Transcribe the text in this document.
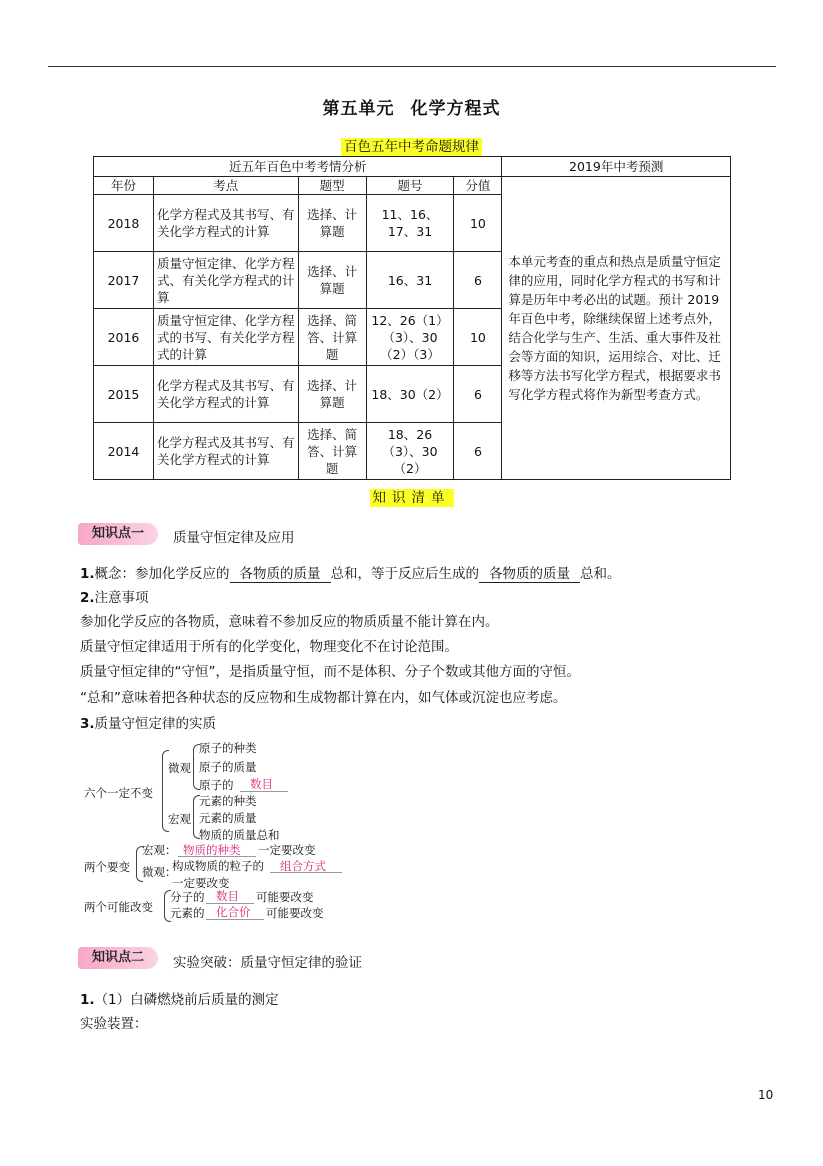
第五单元 化学方程式
百色五年中考命题规律
近五年百色中考考情分析					2019年中考预测
年份	考点	题型	题号	分值	本单元考查的重点和热点是质量守恒定律的应用，同时化学方程式的书写和计算是历年中考必出的试题。预计 2019 年百色中考，除继续保留上述考点外，结合化学与生产、生活、重大事件及社会等方面的知识，运用综合、对比、迁移等方法书写化学方程式，根据要求书写化学方程式将作为新型考查方式。
2018	化学方程式及其书写、有关化学方程式的计算	选择、计算题	11、16、17、31	10	
2017	质量守恒定律、化学方程式、有关化学方程式的计算	选择、计算题	16、31	6	
2016	质量守恒定律、化学方程式的书写、有关化学方程式的计算	选择、简答、计算题	12、26（1）（3）、30（2）（3）	10	
2015	化学方程式及其书写、有关化学方程式的计算	选择、计算题	18、30（2）	6	
2014	化学方程式及其书写、有关化学方程式的计算	选择、简答、计算题	18、26（3）、30（2）	6	
知识清单
知识点一	质量守恒定律及应用
1.概念：参加化学反应的 各物质的质量 总和，等于反应后生成的 各物质的质量 总和。
2.注意事项
参加化学反应的各物质，意味着不参加反应的物质质量不能计算在内。
质量守恒定律适用于所有的化学变化，物理变化不在讨论范围。
质量守恒定律的“守恒”，是指质量守恒，而不是体积、分子个数或其他方面的守恒。
“总和”意味着把各种状态的反应物和生成物都计算在内，如气体或沉淀也应考虑。
3.质量守恒定律的实质
六个一定不变
微观
原子的种类
原子的质量
原子的 数目
宏观
元素的种类
元素的质量
物质的质量总和
两个要变
宏观： 物质的种类 一定要改变
微观：
构成物质的粒子的 组合方式
一定要改变
两个可能改变
分子的 数目 可能要改变
元素的 化合价 可能要改变
知识点二	实验突破：质量守恒定律的验证
1.（1）白磷燃烧前后质量的测定
实验装置：
10
